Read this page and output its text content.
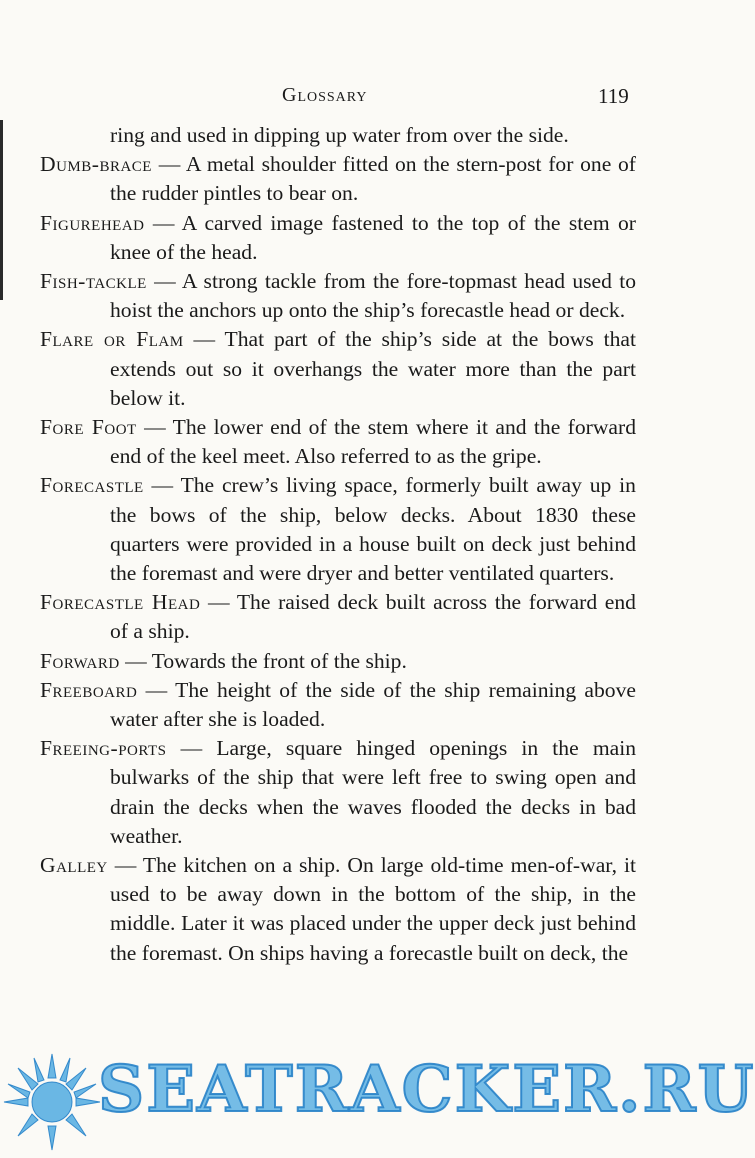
Glossary	119

ring and used in dipping up water from over the side.

Dumb-brace — A metal shoulder fitted on the stern-post for one of the rudder pintles to bear on.

Figurehead — A carved image fastened to the top of the stem or knee of the head.

Fish-tackle — A strong tackle from the fore-topmast head used to hoist the anchors up onto the ship’s forecastle head or deck.

Flare or Flam — That part of the ship’s side at the bows that extends out so it overhangs the water more than the part below it.

Fore Foot — The lower end of the stem where it and the forward end of the keel meet. Also referred to as the gripe.

Forecastle — The crew’s living space, formerly built away up in the bows of the ship, below decks. About 1830 these quarters were provided in a house built on deck just behind the foremast and were dryer and better ventilated quarters.

Forecastle Head — The raised deck built across the forward end of a ship.

Forward — Towards the front of the ship.

Freeboard — The height of the side of the ship remaining above water after she is loaded.

Freeing-ports — Large, square hinged openings in the main bulwarks of the ship that were left free to swing open and drain the decks when the waves flooded the decks in bad weather.

Galley — The kitchen on a ship. On large old-time men-of-war, it used to be away down in the bottom of the ship, in the middle. Later it was placed under the upper deck just behind the foremast. On ships having a forecastle built on deck, the

SEATRACKER.RU
